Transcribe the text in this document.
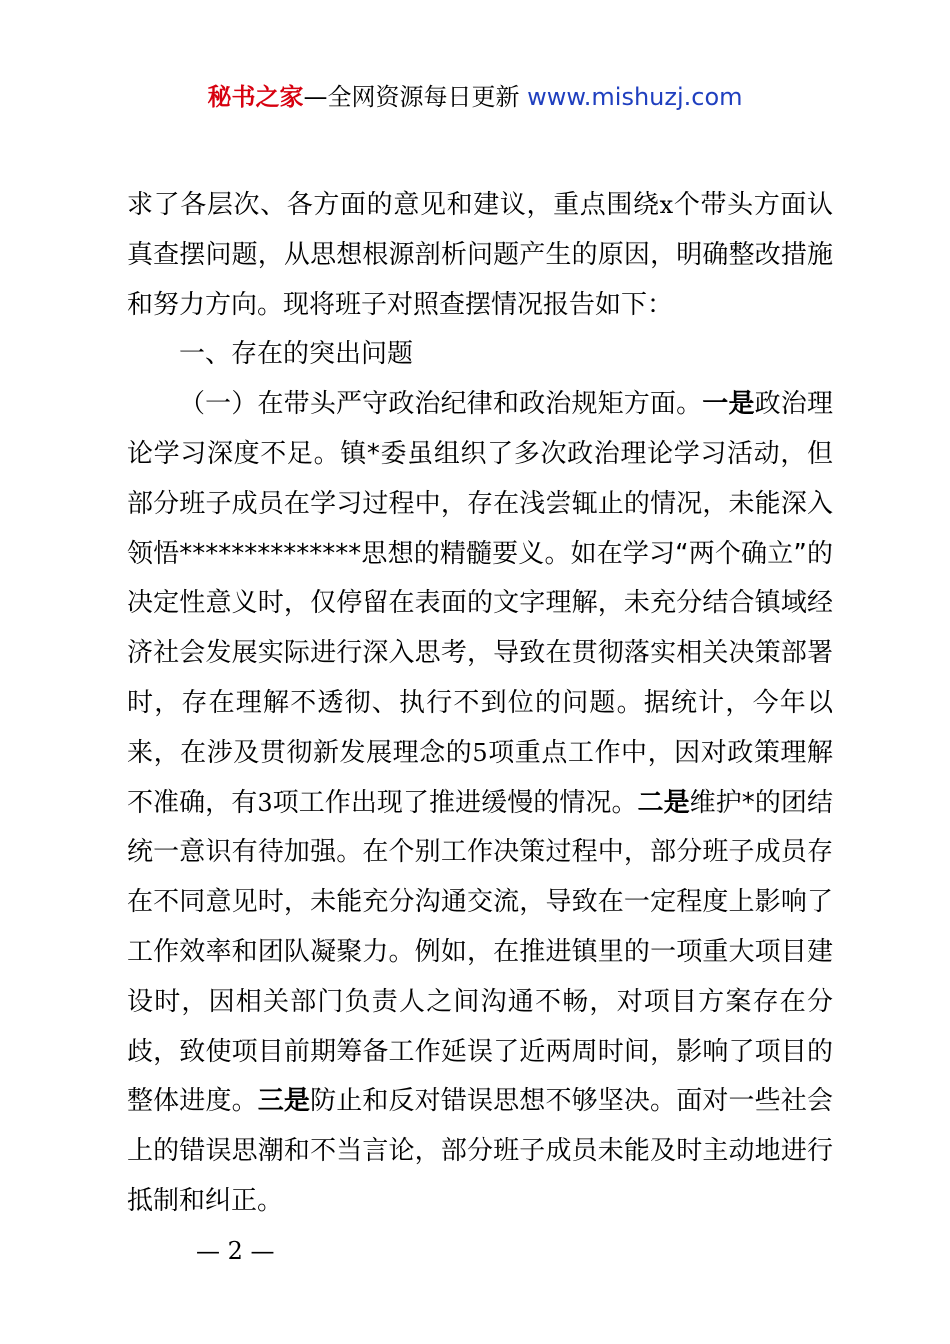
秘书之家—全网资源每日更新 www.mishuzj.com

求了各层次、各方面的意见和建议，重点围绕x个带头方面认真查摆问题，从思想根源剖析问题产生的原因，明确整改措施和努力方向。现将班子对照查摆情况报告如下：

一、存在的突出问题

（一）在带头严守政治纪律和政治规矩方面。一是政治理论学习深度不足。镇*委虽组织了多次政治理论学习活动，但部分班子成员在学习过程中，存在浅尝辄止的情况，未能深入领悟**************思想的精髓要义。如在学习“两个确立”的决定性意义时，仅停留在表面的文字理解，未充分结合镇域经济社会发展实际进行深入思考，导致在贯彻落实相关决策部署时，存在理解不透彻、执行不到位的问题。据统计，今年以来，在涉及贯彻新发展理念的5项重点工作中，因对政策理解不准确，有3项工作出现了推进缓慢的情况。二是维护*的团结统一意识有待加强。在个别工作决策过程中，部分班子成员存在不同意见时，未能充分沟通交流，导致在一定程度上影响了工作效率和团队凝聚力。例如，在推进镇里的一项重大项目建设时，因相关部门负责人之间沟通不畅，对项目方案存在分歧，致使项目前期筹备工作延误了近两周时间，影响了项目的整体进度。三是防止和反对错误思想不够坚决。面对一些社会上的错误思潮和不当言论，部分班子成员未能及时主动地进行抵制和纠正。

— 2 —
